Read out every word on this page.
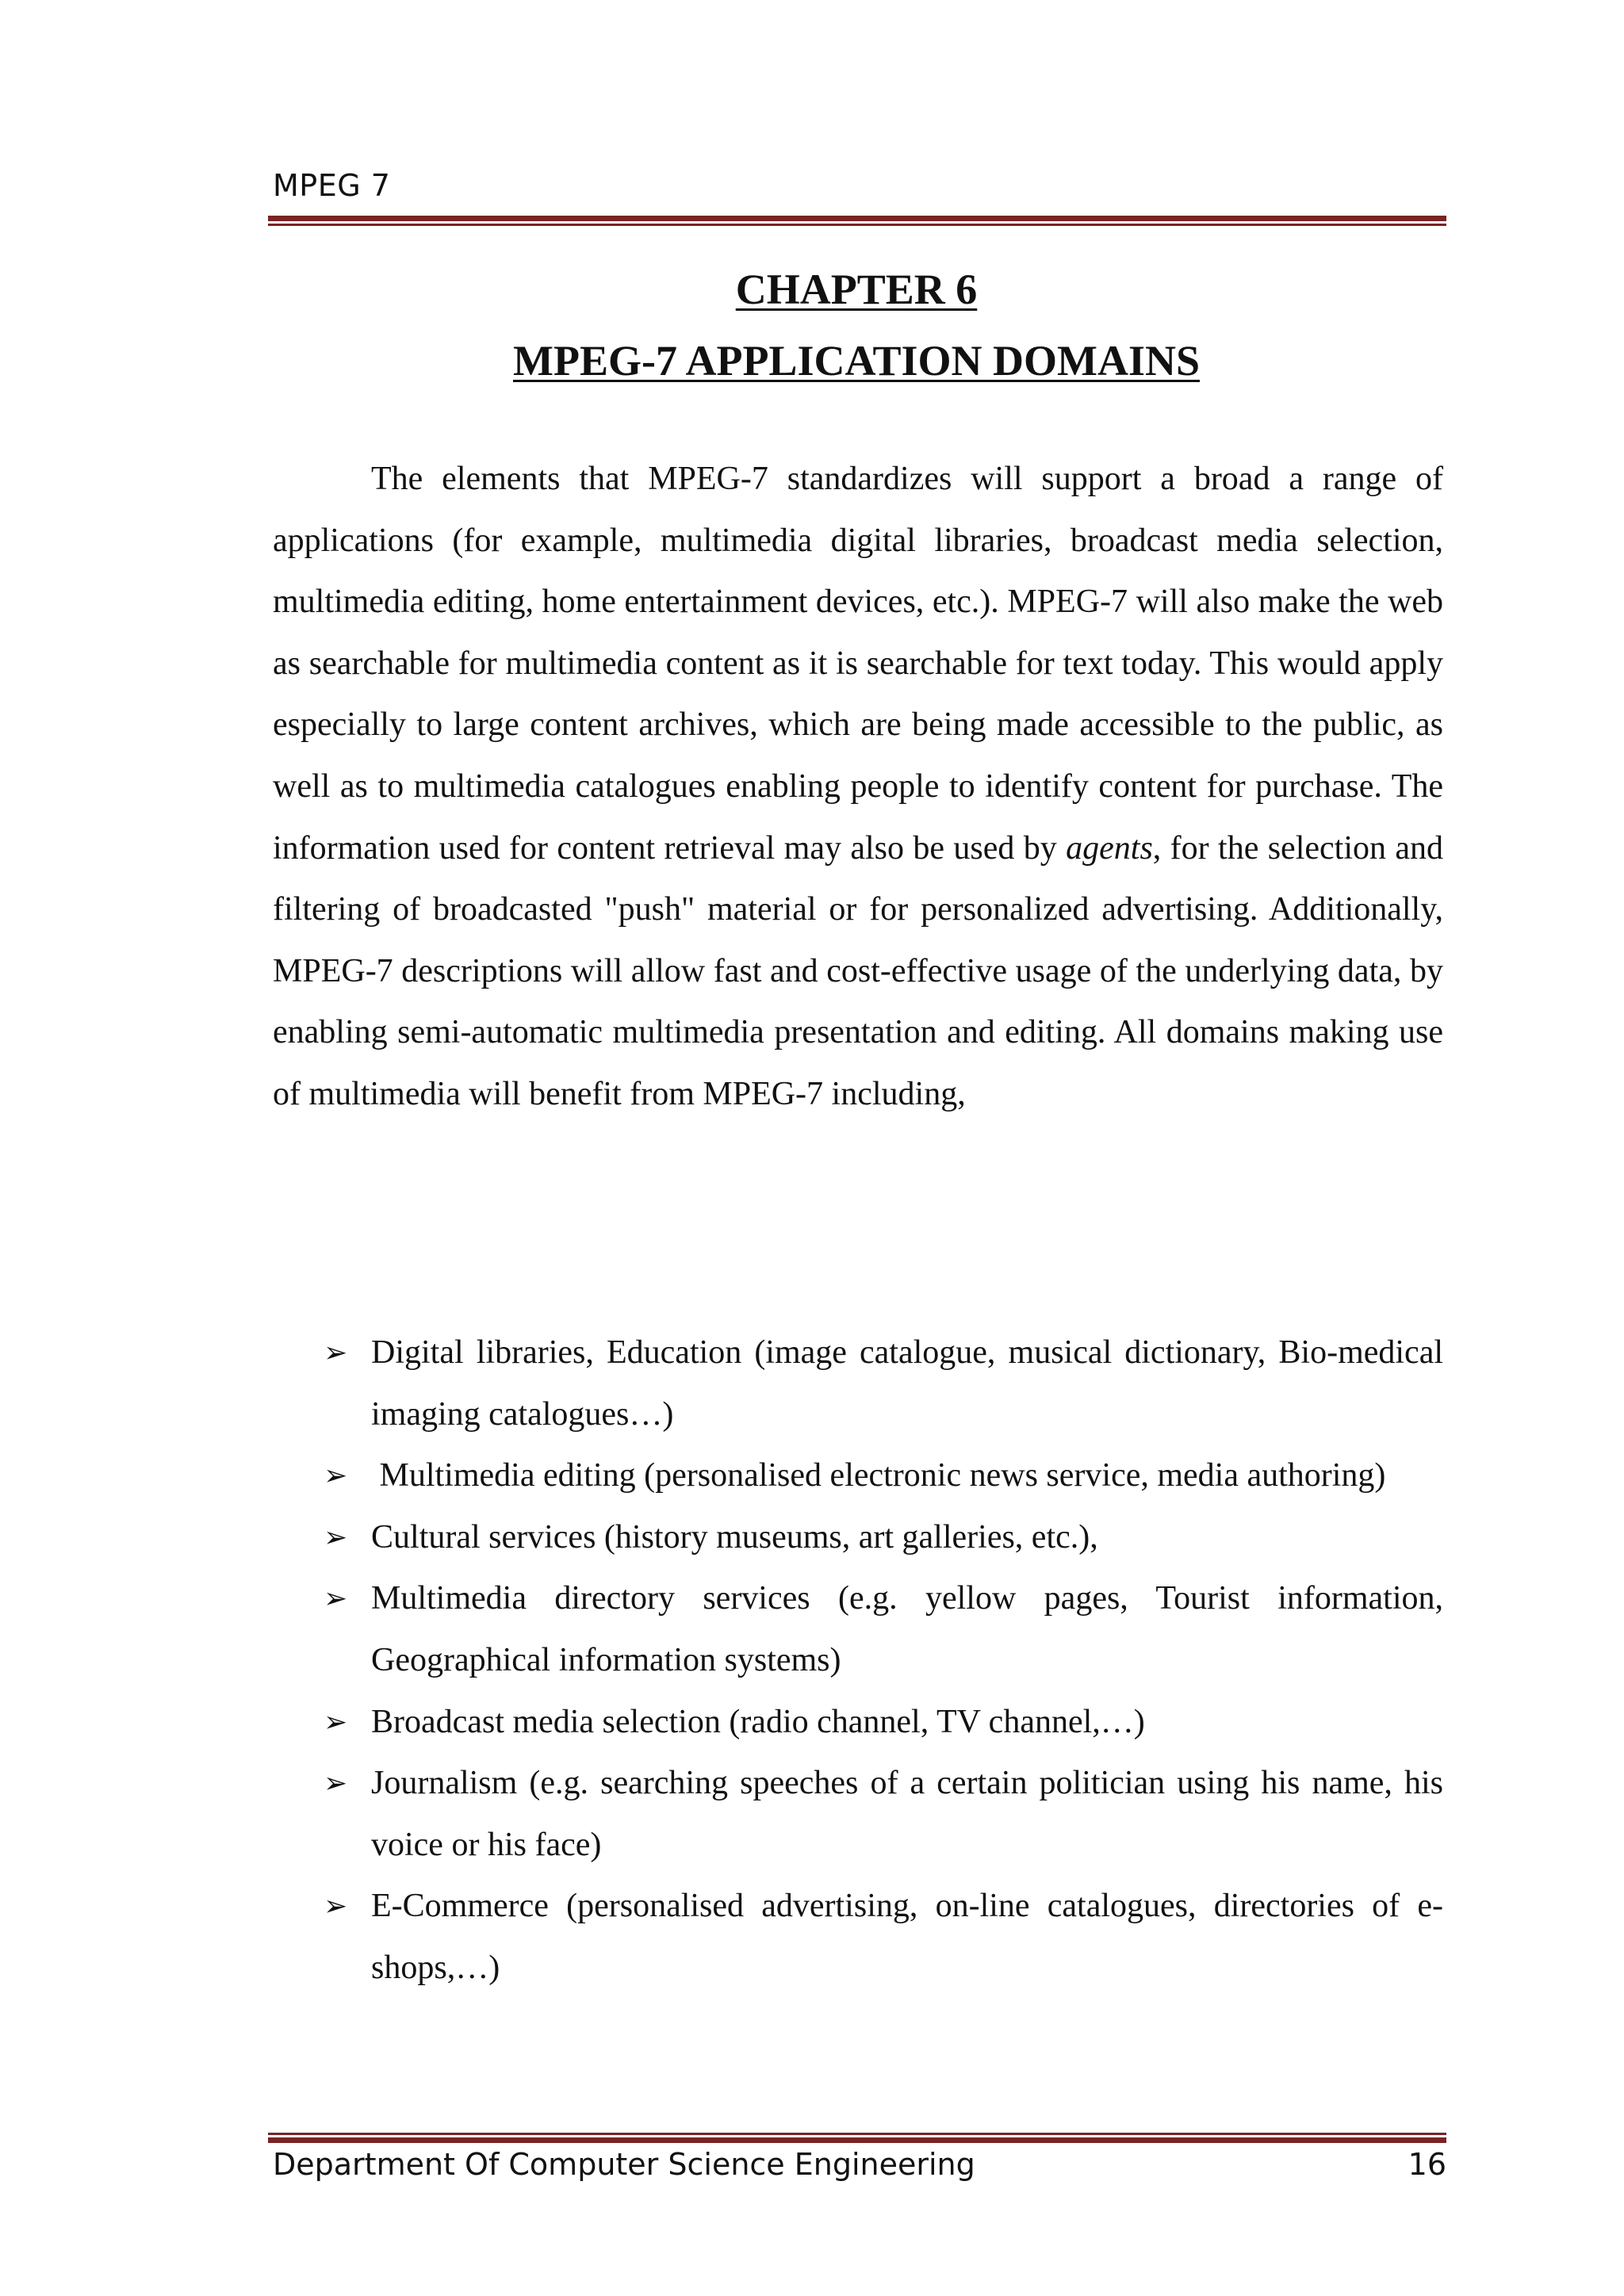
MPEG 7
CHAPTER 6
MPEG-7 APPLICATION DOMAINS

The elements that MPEG-7 standardizes will support a broad a range of applications (for example, multimedia digital libraries, broadcast media selection, multimedia editing, home entertainment devices, etc.). MPEG-7 will also make the web as searchable for multimedia content as it is searchable for text today. This would apply especially to large content archives, which are being made accessible to the public, as well as to multimedia catalogues enabling people to identify content for purchase. The information used for content retrieval may also be used by agents, for the selection and filtering of broadcasted "push" material or for personalized advertising. Additionally, MPEG-7 descriptions will allow fast and cost-effective usage of the underlying data, by enabling semi-automatic multimedia presentation and editing. All domains making use of multimedia will benefit from MPEG-7 including,

➢ Digital libraries, Education (image catalogue, musical dictionary, Bio-medical imaging catalogues…)
➢ Multimedia editing (personalised electronic news service, media authoring)
➢ Cultural services (history museums, art galleries, etc.),
➢ Multimedia directory services (e.g. yellow pages, Tourist information, Geographical information systems)
➢ Broadcast media selection (radio channel, TV channel,…)
➢ Journalism (e.g. searching speeches of a certain politician using his name, his voice or his face)
➢ E-Commerce (personalised advertising, on-line catalogues, directories of e-shops,…)
Department Of Computer Science Engineering	16
